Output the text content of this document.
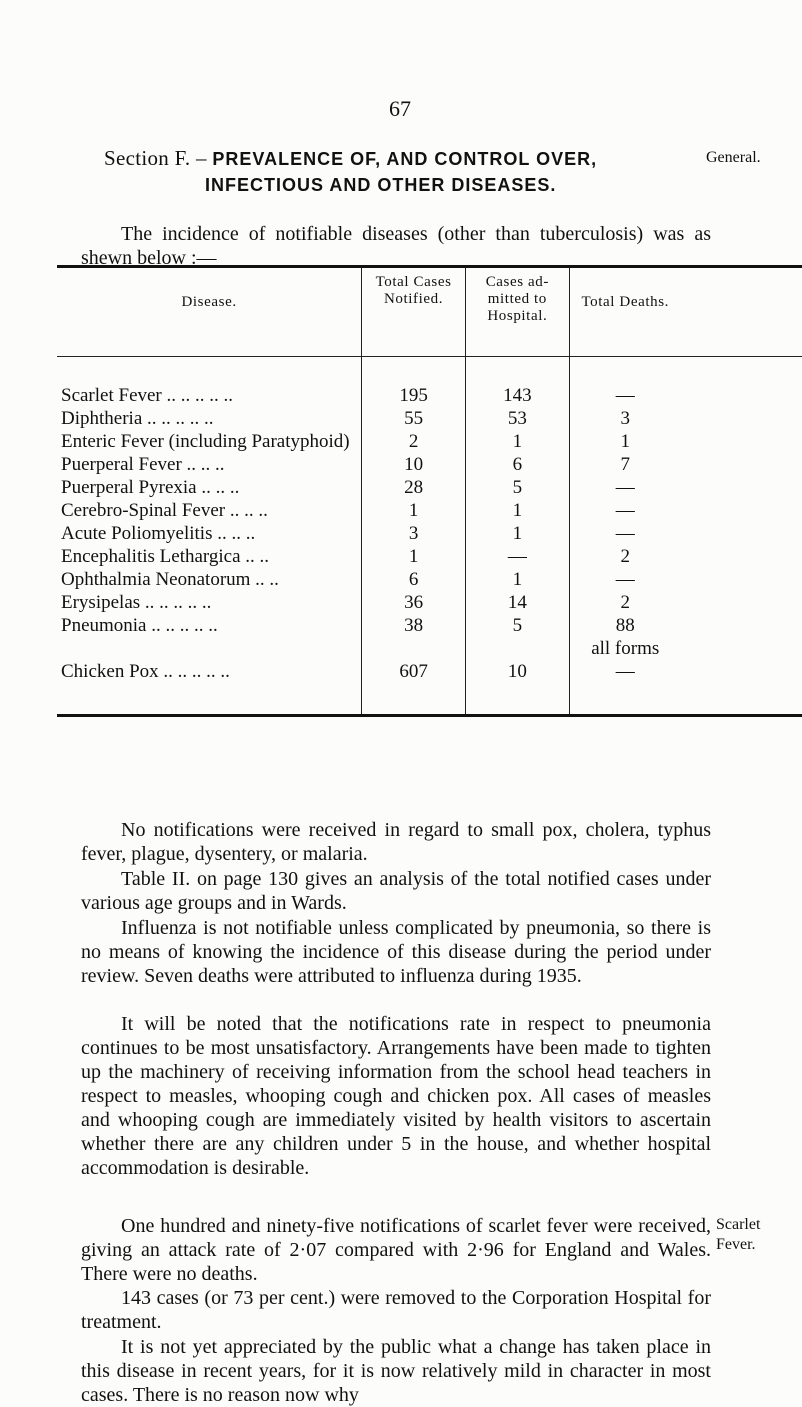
67
Section F. – PREVALENCE OF, AND CONTROL OVER,
INFECTIOUS AND OTHER DISEASES.
General.
The incidence of notifiable diseases (other than tuberculosis) was as shewn below :—
Disease.	Total Cases Notified.	Cases ad- mitted to Hospital.	Total Deaths.	
Scarlet Fever .. .. .. .. ..	195	143	—	
Diphtheria .. .. .. .. ..	55	53	3	
Enteric Fever (including Paratyphoid)	2	1	1	
Puerperal Fever .. .. ..	10	6	7	
Puerperal Pyrexia .. .. ..	28	5	—	
Cerebro-Spinal Fever .. .. ..	1	1	—	
Acute Poliomyelitis .. .. ..	3	1	—	
Encephalitis Lethargica .. ..	1	—	2	
Ophthalmia Neonatorum .. ..	6	1	—	
Erysipelas .. .. .. .. ..	36	14	2	
Pneumonia .. .. .. .. ..	38	5	88	
			all forms	
Chicken Pox .. .. .. .. ..	607	10	—	
No notifications were received in regard to small pox, cholera, typhus fever, plague, dysentery, or malaria.
Table II. on page 130 gives an analysis of the total notified cases under various age groups and in Wards.
Influenza is not notifiable unless complicated by pneumonia, so there is no means of knowing the incidence of this disease during the period under review. Seven deaths were attributed to influenza during 1935.
It will be noted that the notifications rate in respect to pneumonia continues to be most unsatisfactory. Arrangements have been made to tighten up the machinery of receiving information from the school head teachers in respect to measles, whooping cough and chicken pox. All cases of measles and whooping cough are immediately visited by health visitors to ascertain whether there are any children under 5 in the house, and whether hospital accommodation is desirable.
Scarlet
Fever.
One hundred and ninety-five notifications of scarlet fever were received, giving an attack rate of 2·07 compared with 2·96 for England and Wales. There were no deaths.
143 cases (or 73 per cent.) were removed to the Corporation Hospital for treatment.
It is not yet appreciated by the public what a change has taken place in this disease in recent years, for it is now relatively mild in character in most cases. There is no reason now why
